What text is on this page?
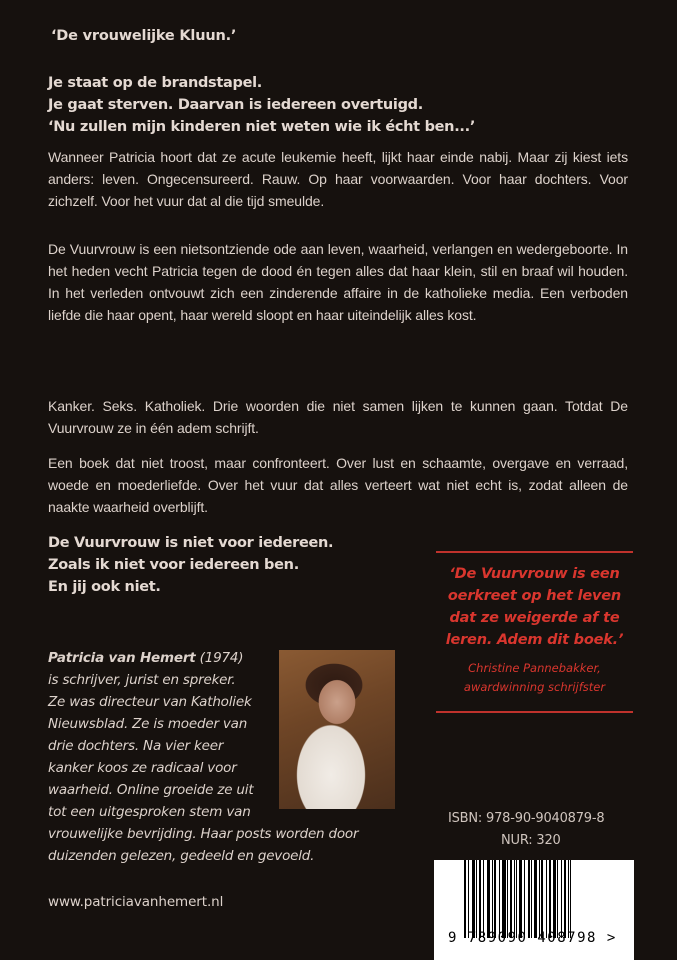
‘De vrouwelijke Kluun.’
Je staat op de brandstapel.
Je gaat sterven. Daarvan is iedereen overtuigd.
‘Nu zullen mijn kinderen niet weten wie ik écht ben...’
Wanneer Patricia hoort dat ze acute leukemie heeft, lijkt haar einde nabij. Maar zij kiest iets anders: leven. Ongecensureerd. Rauw. Op haar voorwaarden. Voor haar dochters. Voor zichzelf. Voor het vuur dat al die tijd smeulde.
De Vuurvrouw is een nietsontziende ode aan leven, waarheid, verlangen en wedergeboorte. In het heden vecht Patricia tegen de dood én tegen alles dat haar klein, stil en braaf wil houden. In het verleden ontvouwt zich een zinderende affaire in de katholieke media. Een verboden liefde die haar opent, haar wereld sloopt en haar uiteindelijk alles kost.
Kanker. Seks. Katholiek. Drie woorden die niet samen lijken te kunnen gaan. Totdat De Vuurvrouw ze in één adem schrijft.
Een boek dat niet troost, maar confronteert. Over lust en schaamte, overgave en verraad, woede en moederliefde. Over het vuur dat alles verteert wat niet echt is, zodat alleen de naakte waarheid overblijft.
De Vuurvrouw is niet voor iedereen.
Zoals ik niet voor iedereen ben.
En jij ook niet.
‘De Vuurvrouw is een
oerkreet op het leven
dat ze weigerde af te
leren. Adem dit boek.’
Christine Pannebakker,
awardwinning schrijfster
Patricia van Hemert (1974)
is schrijver, jurist en spreker.
Ze was directeur van Katholiek
Nieuwsblad. Ze is moeder van
drie dochters. Na vier keer
kanker koos ze radicaal voor
waarheid. Online groeide ze uit
tot een uitgesproken stem van
vrouwelijke bevrijding. Haar posts worden door
duizenden gelezen, gedeeld en gevoeld.
www.patriciavanhemert.nl
ISBN: 978-90-9040879-8
NUR: 320
9 789090 408798 >
